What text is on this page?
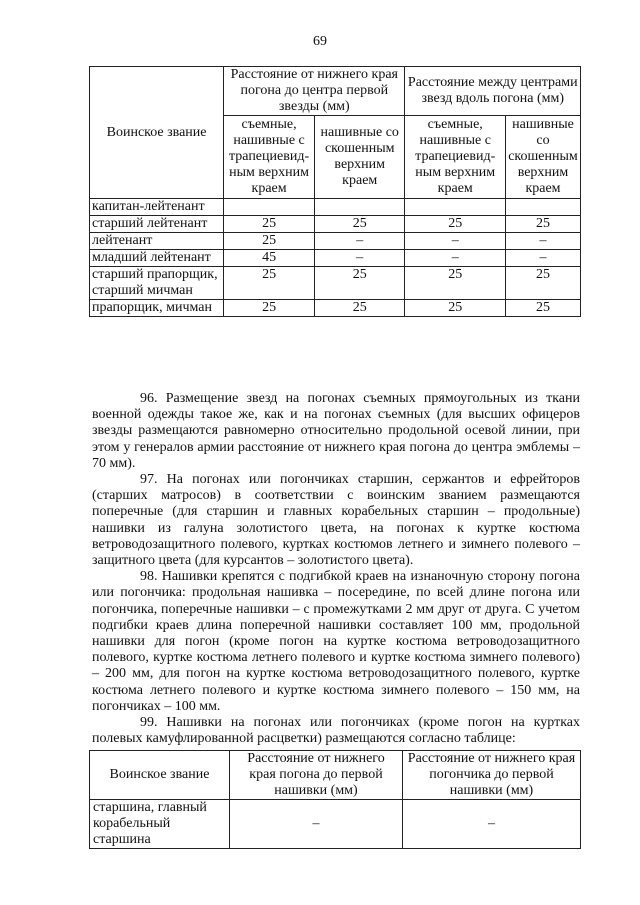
69
Воинское звание	Расстояние от нижнего края погона до центра первой звезды (мм)		Расстояние между центрами звезд вдоль погона (мм)	
	съемные, нашивные с трапециевид-ным верхним краем	нашивные со скошенным верхним краем	съемные, нашивные с трапециевид-ным верхним краем	нашивные со скошенным верхним краем
капитан-лейтенант				
старший лейтенант	25	25	25	25
лейтенант	25	–	–	–
младший лейтенант	45	–	–	–
старший прапорщик, старший мичман	25	25	25	25
прапорщик, мичман	25	25	25	25

96. Размещение звезд на погонах съемных прямоугольных из ткани военной одежды такое же, как и на погонах съемных (для высших офицеров звезды размещаются равномерно относительно продольной осевой линии, при этом у генералов армии расстояние от нижнего края погона до центра эмблемы – 70 мм).

97. На погонах или погончиках старшин, сержантов и ефрейторов (старших матросов) в соответствии с воинским званием размещаются поперечные (для старшин и главных корабельных старшин – продольные) нашивки из галуна золотистого цвета, на погонах к куртке костюма ветроводозащитного полевого, куртках костюмов летнего и зимнего полевого – защитного цвета (для курсантов – золотистого цвета).

98. Нашивки крепятся с подгибкой краев на изнаночную сторону погона или погончика: продольная нашивка – посередине, по всей длине погона или погончика, поперечные нашивки – с промежутками 2 мм друг от друга. С учетом подгибки краев длина поперечной нашивки составляет 100 мм, продольной нашивки для погон (кроме погон на куртке костюма ветроводозащитного полевого, куртке костюма летнего полевого и куртке костюма зимнего полевого) – 200 мм, для погон на куртке костюма ветроводозащитного полевого, куртке костюма летнего полевого и куртке костюма зимнего полевого – 150 мм, на погончиках – 100 мм.

99. Нашивки на погонах или погончиках (кроме погон на куртках полевых камуфлированной расцветки) размещаются согласно таблице:

Воинское звание	Расстояние от нижнего края погона до первой нашивки (мм)	Расстояние от нижнего края погончика до первой нашивки (мм)
старшина, главный корабельный старшина	–	–
